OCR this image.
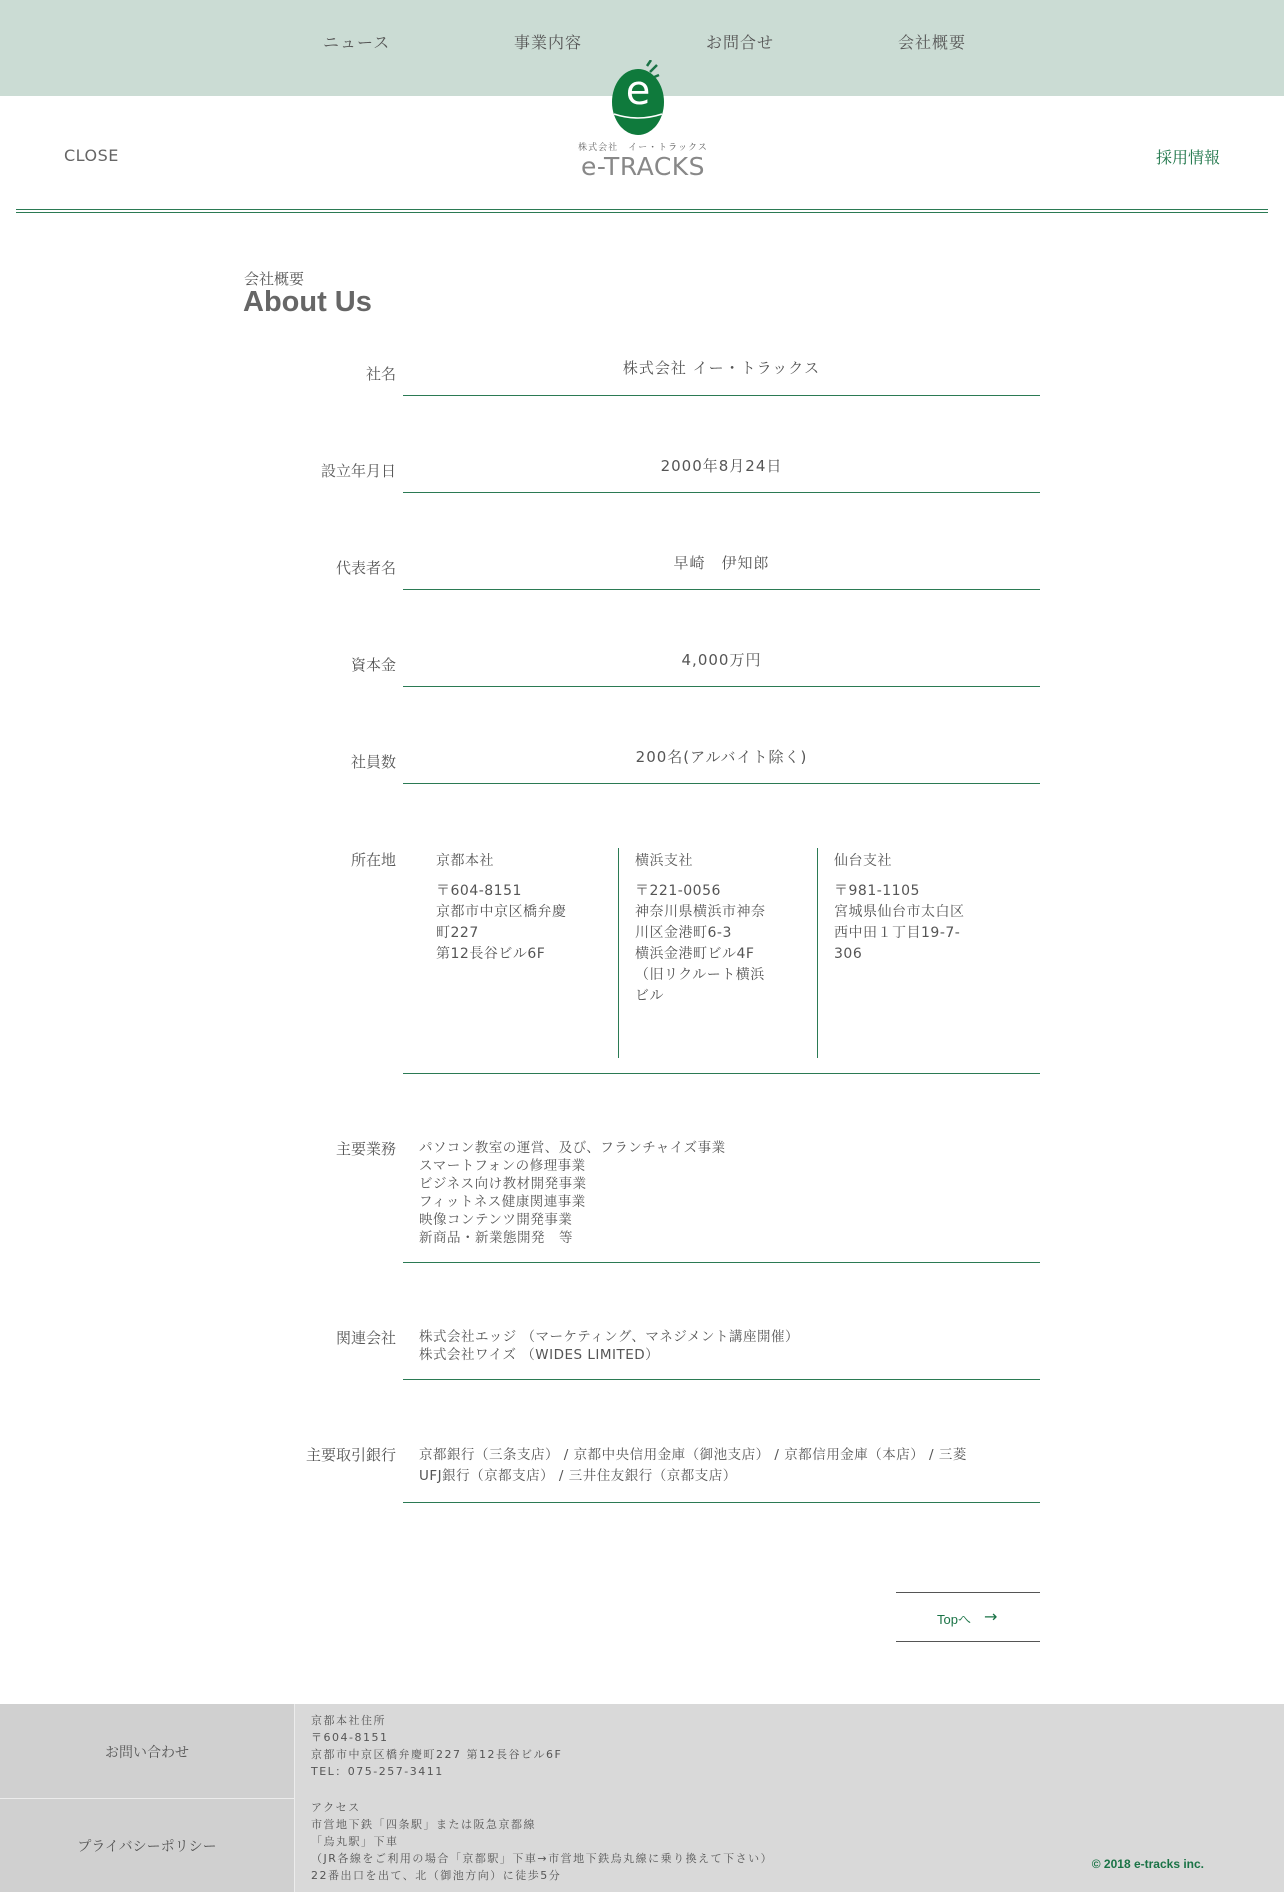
ニュース	事業内容	お問合せ	会社概要
CLOSE	採用情報
e
株式会社　イー・トラックス
e-TRACKS
会社概要
About Us
社名	株式会社 イー・トラックス
設立年月日	2000年8月24日
代表者名	早崎　伊知郎
資本金	4,000万円
社員数	200名(アルバイト除く)
所在地	京都本社
〒604-8151
京都市中京区橋弁慶
町227
第12長谷ビル6F
横浜支社
〒221-0056
神奈川県横浜市神奈
川区金港町6-3
横浜金港町ビル4F
（旧リクルート横浜
ビル
仙台支社
〒981-1105
宮城県仙台市太白区
西中田１丁目19-7-
306
主要業務 パソコン教室の運営、及び、フランチャイズ事業
スマートフォンの修理事業
ビジネス向け教材開発事業
フィットネス健康関連事業
映像コンテンツ開発事業
新商品・新業態開発　等
関連会社 株式会社エッジ （マーケティング、マネジメント講座開催）
株式会社ワイズ （WIDES LIMITED）
主要取引銀行 京都銀行（三条支店） / 京都中央信用金庫（御池支店） / 京都信用金庫（本店） / 三菱
UFJ銀行（京都支店） / 三井住友銀行（京都支店）
Topへ →
お問い合わせ
プライバシーポリシー
京都本社住所
〒604-8151
京都市中京区橋弁慶町227 第12長谷ビル6F
TEL：075-257-3411
アクセス
市営地下鉄「四条駅」または阪急京都線
「烏丸駅」下車
（JR各線をご利用の場合「京都駅」下車→市営地下鉄烏丸線に乗り換えて下さい）
22番出口を出て、北（御池方向）に徒歩5分
© 2018 e-tracks inc.
